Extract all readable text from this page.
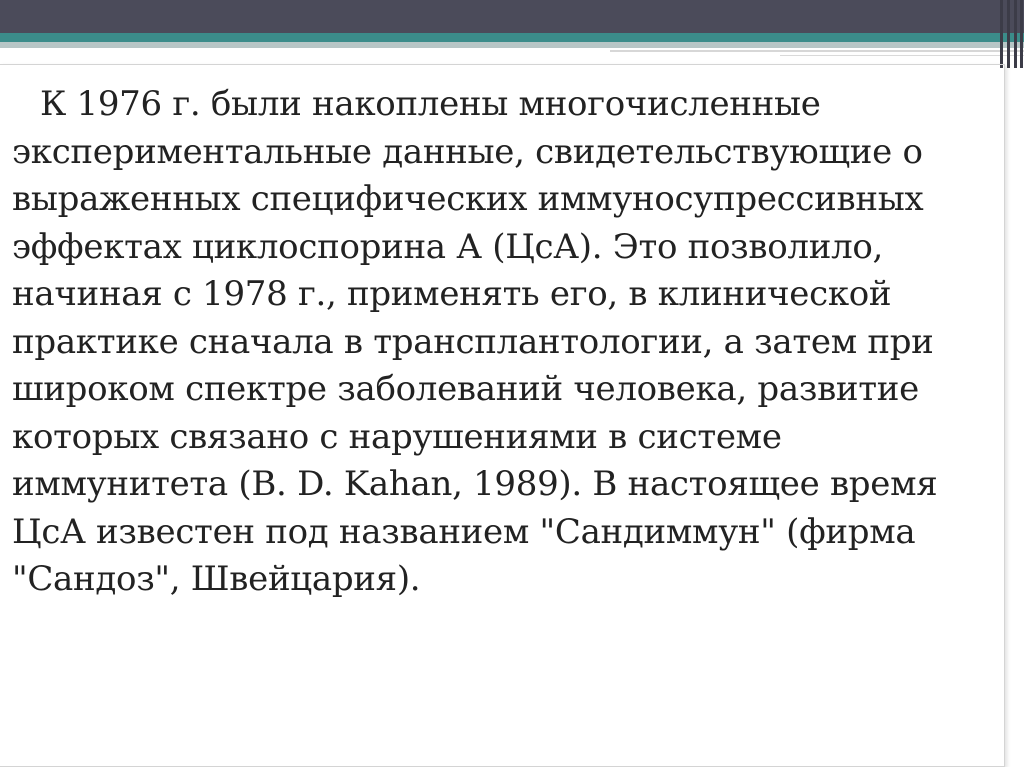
К 1976 г. были накоплены многочисленные экспериментальные данные, свидетельствующие о выраженных специфических иммуносупрессивных эффектах циклоспорина А (ЦсА). Это позволило, начиная с 1978 г., применять его, в клинической практике сначала в трансплантологии, а затем при широком спектре заболеваний человека, развитие которых связано с нарушениями в системе иммунитета (B. D. Kahan, 1989). В настоящее время ЦсА известен под названием "Сандиммун" (фирма "Сандоз", Швейцария).
